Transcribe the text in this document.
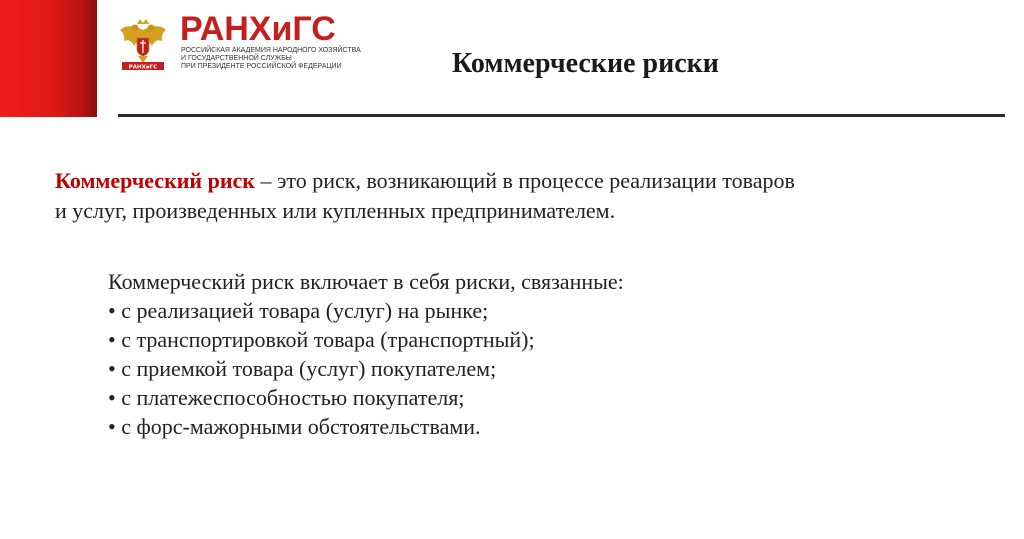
РАНХиГС
РАНХиГС
РОССИЙСКАЯ АКАДЕМИЯ НАРОДНОГО ХОЗЯЙСТВА
И ГОСУДАРСТВЕННОЙ СЛУЖБЫ
ПРИ ПРЕЗИДЕНТЕ РОССИЙСКОЙ ФЕДЕРАЦИИ	Коммерческие риски
Коммерческий риск – это риск, возникающий в процессе реализации товаров
и услуг, произведенных или купленных предпринимателем.
Коммерческий риск включает в себя риски, связанные:
• с реализацией товара (услуг) на рынке;
• с транспортировкой товара (транспортный);
• с приемкой товара (услуг) покупателем;
• с платежеспособностью покупателя;
• с форс-мажорными обстоятельствами.
